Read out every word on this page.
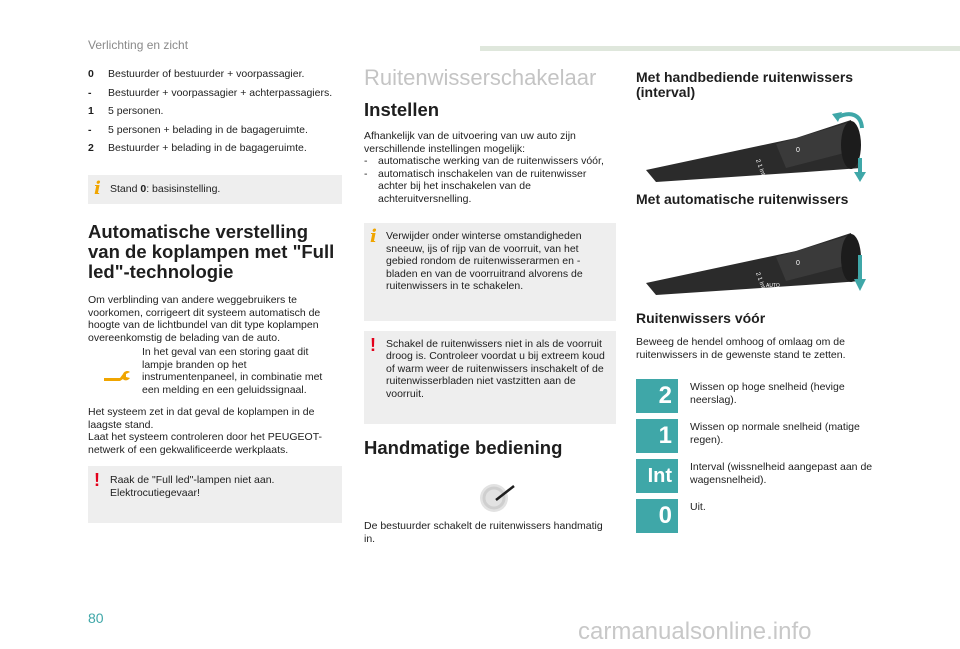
Verlichting en zicht
0	Bestuurder of bestuurder + voorpassagier.
-	Bestuurder + voorpassagier + achterpassagiers.
1	5 personen.
-	5 personen + belading in de bagageruimte.
2	Bestuurder + belading in de bagageruimte.
i Stand 0: basisinstelling.
Automatische verstelling van de koplampen met "Full led"-technologie
Om verblinding van andere weggebruikers te voorkomen, corrigeert dit systeem automatisch de hoogte van de lichtbundel van dit type koplampen overeenkomstig de belading van de auto.
In het geval van een storing gaat dit lampje branden op het instrumentenpaneel, in combinatie met een melding en een geluidssignaal.
Het systeem zet in dat geval de koplampen in de laagste stand.
Laat het systeem controleren door het PEUGEOT-netwerk of een gekwalificeerde werkplaats.
! Raak de "Full led"-lampen niet aan. Elektrocutiegevaar!
Ruitenwisserschakelaar
Instellen
Afhankelijk van de uitvoering van uw auto zijn verschillende instellingen mogelijk:
-	automatische werking van de ruitenwissers vóór,
-	automatisch inschakelen van de ruitenwisser achter bij het inschakelen van de achteruitversnelling.
i Verwijder onder winterse omstandigheden sneeuw, ijs of rijp van de voorruit, van het gebied rondom de ruitenwisserarmen en -bladen en van de voorruitrand alvorens de ruitenwissers in te schakelen.
! Schakel de ruitenwissers niet in als de voorruit droog is. Controleer voordat u bij extreem koud of warm weer de ruitenwissers inschakelt of de ruitenwisserbladen niet vastzitten aan de voorruit.
Handmatige bediening
De bestuurder schakelt de ruitenwissers handmatig in.
Met handbediende ruitenwissers (interval)
0
2 1 Int 0
Met automatische ruitenwissers
0
2 1 Int 0
AUTO
Ruitenwissers vóór
Beweeg de hendel omhoog of omlaag om de ruitenwissers in de gewenste stand te zetten.
2	Wissen op hoge snelheid (hevige neerslag).
1	Wissen op normale snelheid (matige regen).
Int	Interval (wissnelheid aangepast aan de wagensnelheid).
0	Uit.
80	carmanualsonline.info
